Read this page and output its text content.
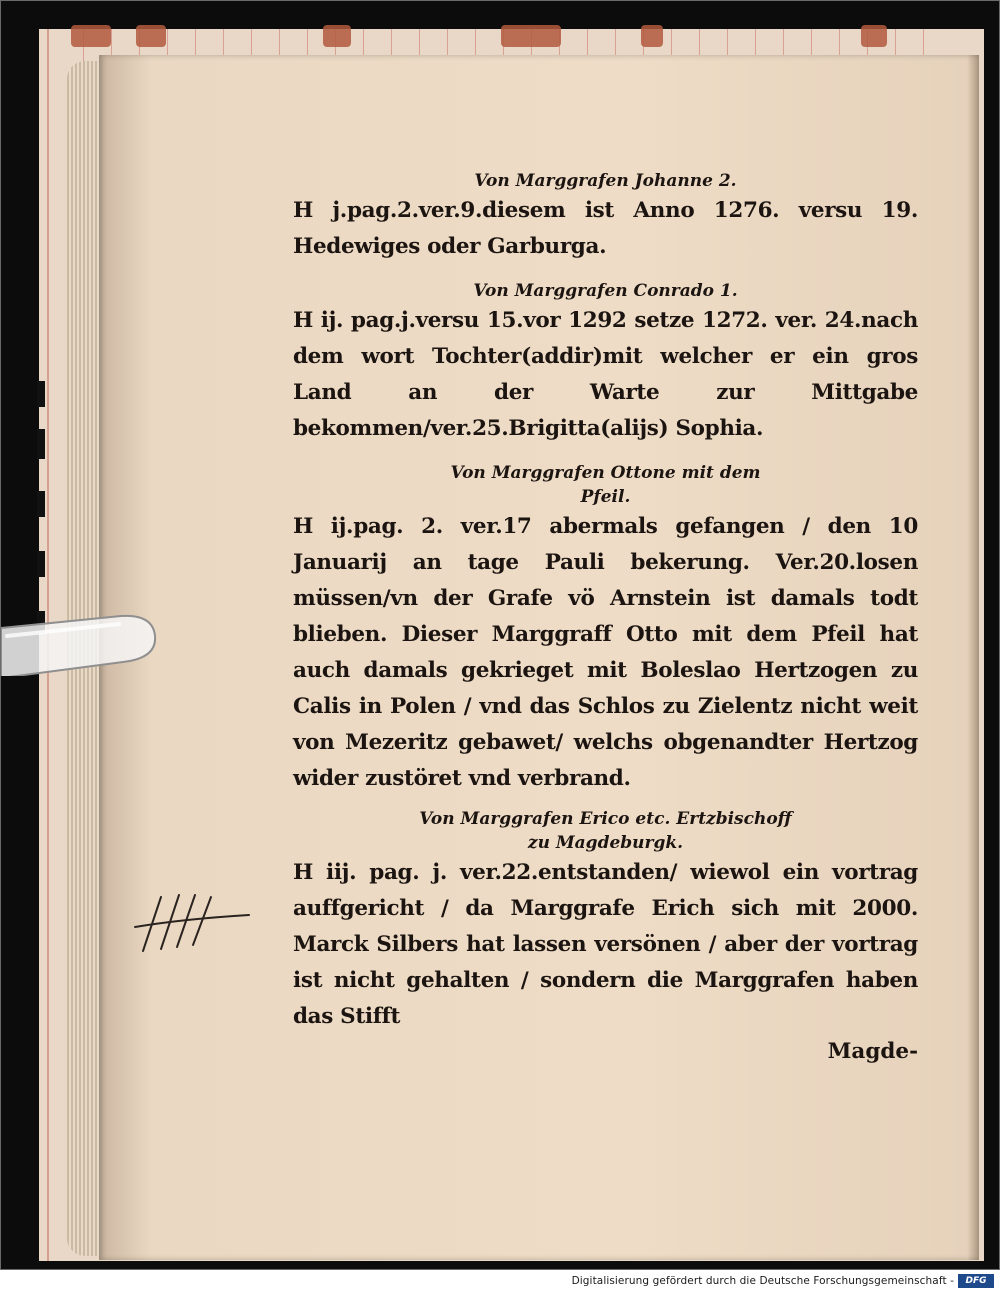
Von Marggrafen Johanne 2.

H j.pag.2.ver.9.diesem ist Anno 1276. versu 19. Hedewiges oder Garburga.

Von Marggrafen Conrado 1.

H ij. pag.j.versu 15.vor 1292 setze 1272. ver. 24.nach dem wort Tochter(addir)mit welcher er ein gros Land an der Warte zur Mittgabe bekommen/ver.25.Brigitta(alijs) Sophia.

Von Marggrafen Ottone mit dem

Pfeil.

H ij.pag. 2. ver.17 abermals gefangen / den 10 Januarij an tage Pauli bekerung. Ver.20.losen müssen/vn der Grafe vö Arnstein ist damals todt blieben. Dieser Marggraff Otto mit dem Pfeil hat auch damals gekrieget mit Boleslao Hertzogen zu Calis in Polen / vnd das Schlos zu Zielentz nicht weit von Mezeritz gebawet/ welchs obgenandter Hertzog wider zustöret vnd verbrand.

Von Marggrafen Erico etc. Ertzbischoff

zu Magdeburgk.

H iij. pag. j. ver.22.entstanden/ wiewol ein vortrag auffgericht / da Marggrafe Erich sich mit 2000. Marck Silbers hat lassen versönen / aber der vortrag ist nicht gehalten / sondern die Marggrafen haben das Stifft

Magde-

Digitalisierung gefördert durch die Deutsche Forschungsgemeinschaft -	DFG
